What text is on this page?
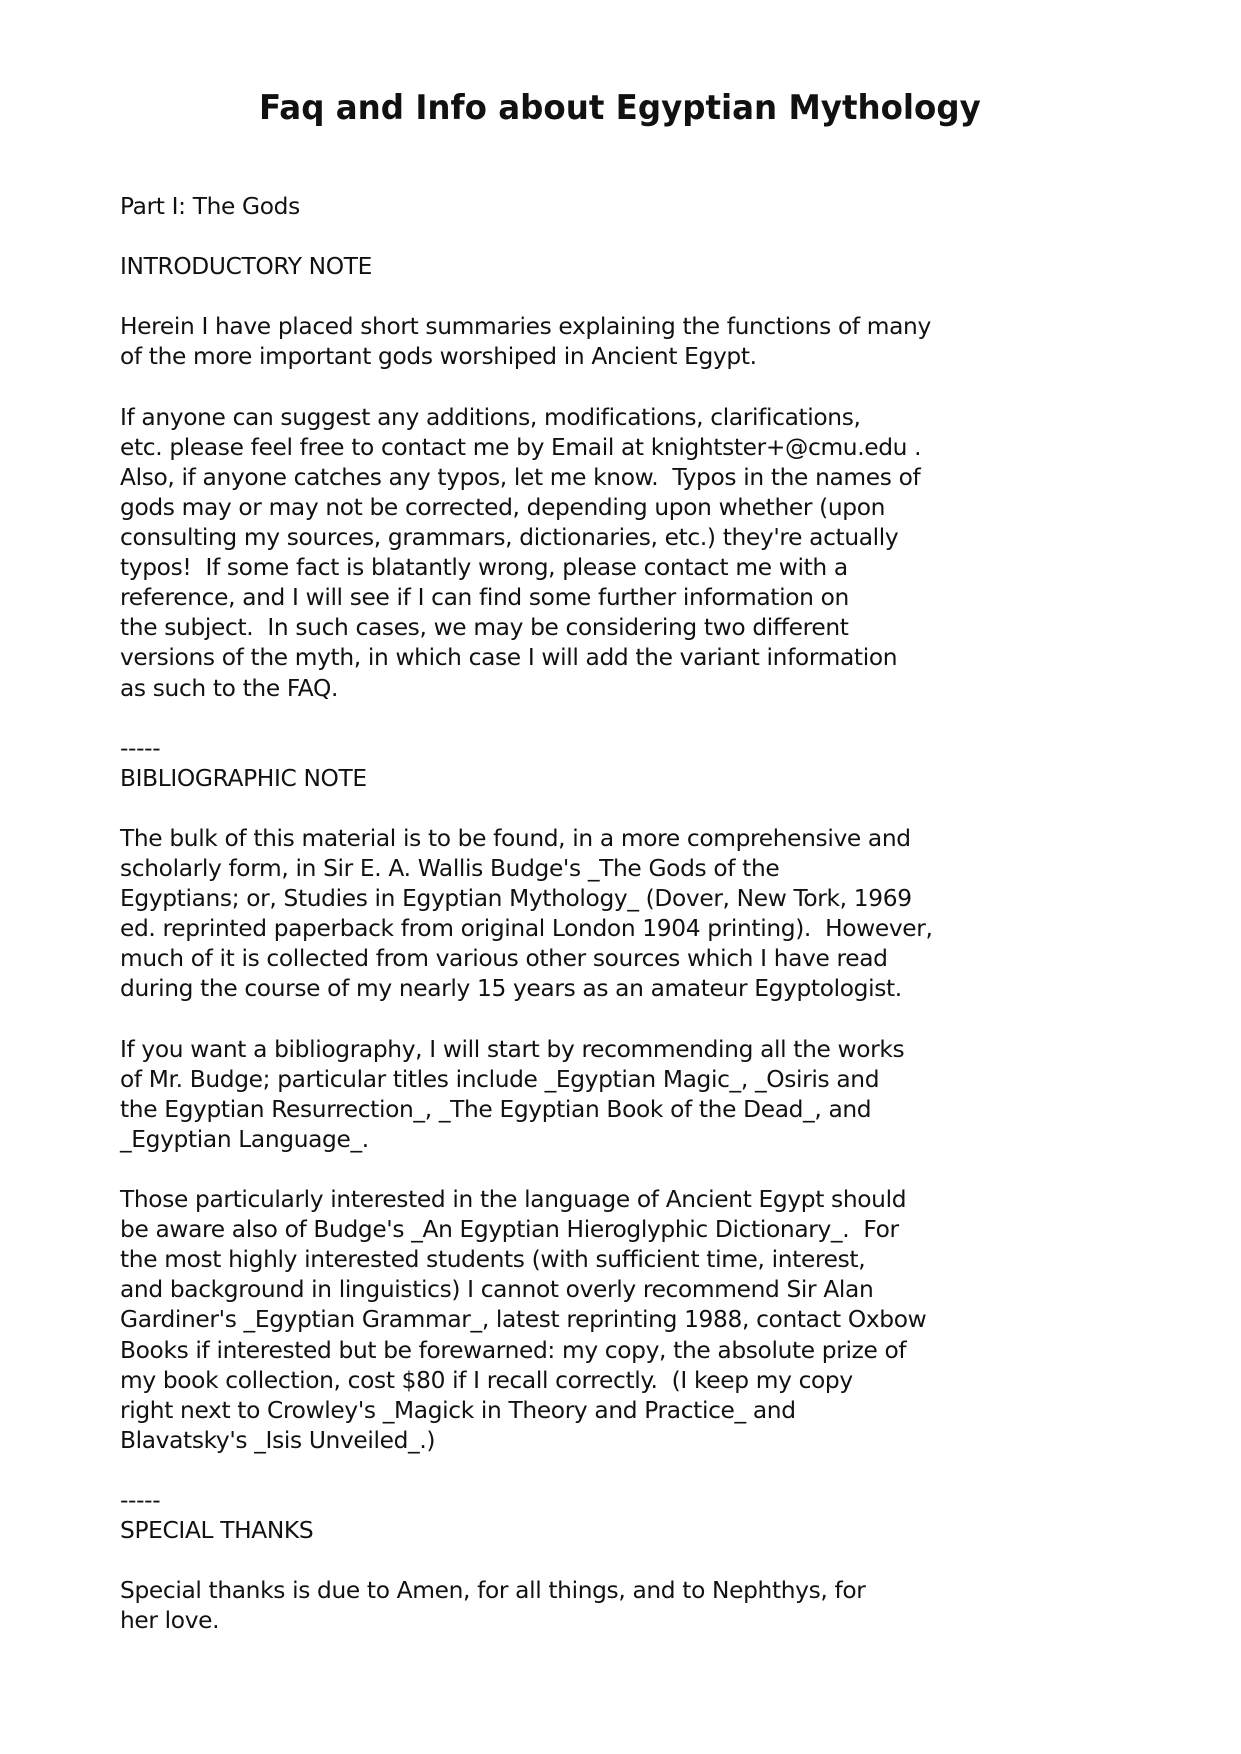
Faq and Info about Egyptian Mythology
Part I: The Gods
INTRODUCTORY NOTE
Herein I have placed short summaries explaining the functions of many
of the more important gods worshiped in Ancient Egypt.
If anyone can suggest any additions, modifications, clarifications,
etc. please feel free to contact me by Email at knightster+@cmu.edu .
Also, if anyone catches any typos, let me know.  Typos in the names of
gods may or may not be corrected, depending upon whether (upon
consulting my sources, grammars, dictionaries, etc.) they're actually
typos!  If some fact is blatantly wrong, please contact me with a
reference, and I will see if I can find some further information on
the subject.  In such cases, we may be considering two different
versions of the myth, in which case I will add the variant information
as such to the FAQ.
-----
BIBLIOGRAPHIC NOTE
The bulk of this material is to be found, in a more comprehensive and
scholarly form, in Sir E. A. Wallis Budge's _The Gods of the
Egyptians; or, Studies in Egyptian Mythology_ (Dover, New Tork, 1969
ed. reprinted paperback from original London 1904 printing).  However,
much of it is collected from various other sources which I have read
during the course of my nearly 15 years as an amateur Egyptologist.
If you want a bibliography, I will start by recommending all the works
of Mr. Budge; particular titles include _Egyptian Magic_, _Osiris and
the Egyptian Resurrection_, _The Egyptian Book of the Dead_, and
_Egyptian Language_.
Those particularly interested in the language of Ancient Egypt should
be aware also of Budge's _An Egyptian Hieroglyphic Dictionary_.  For
the most highly interested students (with sufficient time, interest,
and background in linguistics) I cannot overly recommend Sir Alan
Gardiner's _Egyptian Grammar_, latest reprinting 1988, contact Oxbow
Books if interested but be forewarned: my copy, the absolute prize of
my book collection, cost $80 if I recall correctly.  (I keep my copy
right next to Crowley's _Magick in Theory and Practice_ and
Blavatsky's _Isis Unveiled_.)
-----
SPECIAL THANKS
Special thanks is due to Amen, for all things, and to Nephthys, for
her love.
